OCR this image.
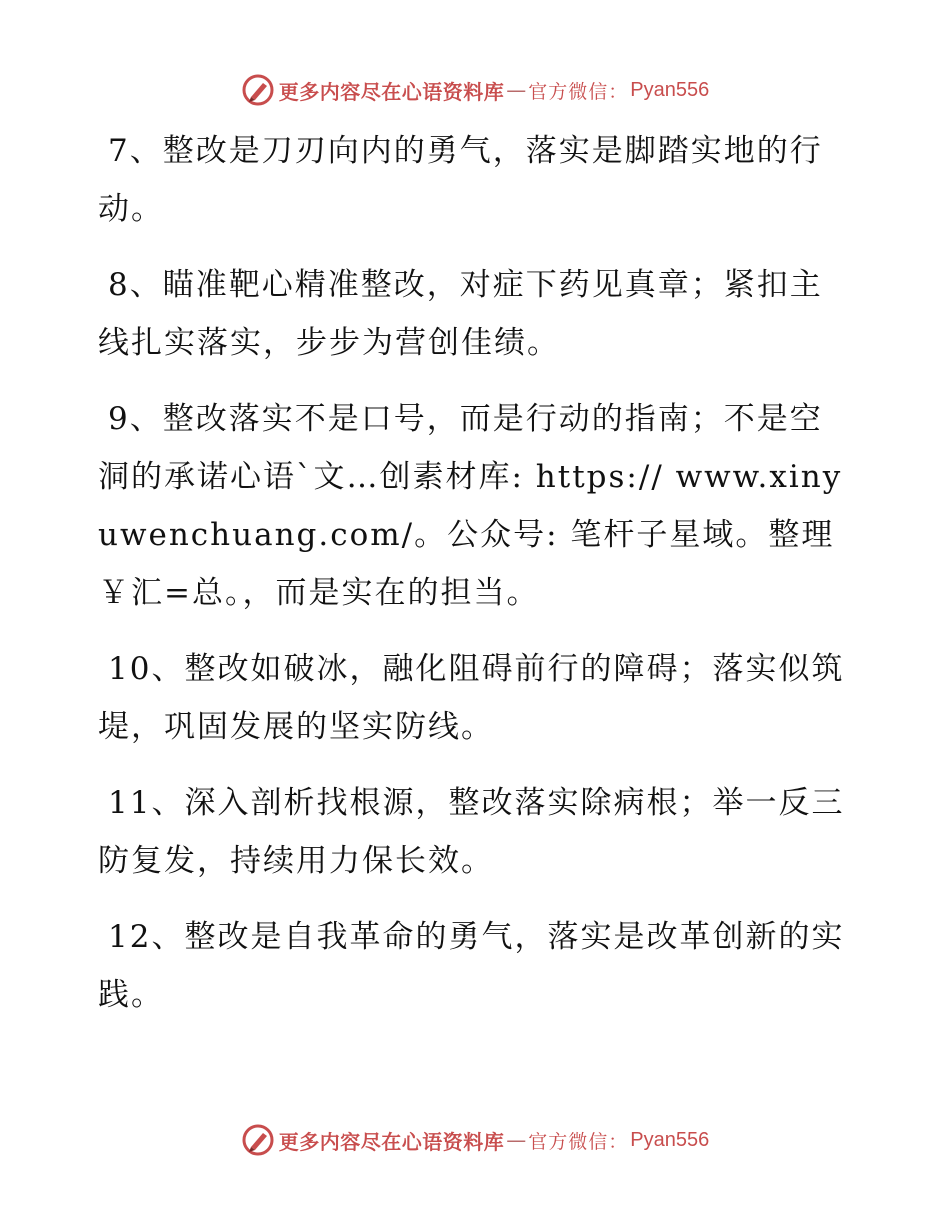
更多内容尽在心语资料库 — 官方微信： Pyan556

7、整改是刀刃向内的勇气，落实是脚踏实地的行动。

8、瞄准靶心精准整改，对症下药见真章；紧扣主线扎实落实，步步为营创佳绩。

9、整改落实不是口号，而是行动的指南；不是空洞的承诺心语`文…创素材库: https:// www.xinyuwenchuang.com/。公众号: 笔杆子星域。整理￥汇=总。，而是实在的担当。

10、整改如破冰，融化阻碍前行的障碍；落实似筑堤，巩固发展的坚实防线。

11、深入剖析找根源，整改落实除病根；举一反三防复发，持续用力保长效。

12、整改是自我革命的勇气，落实是改革创新的实践。

更多内容尽在心语资料库 — 官方微信： Pyan556
